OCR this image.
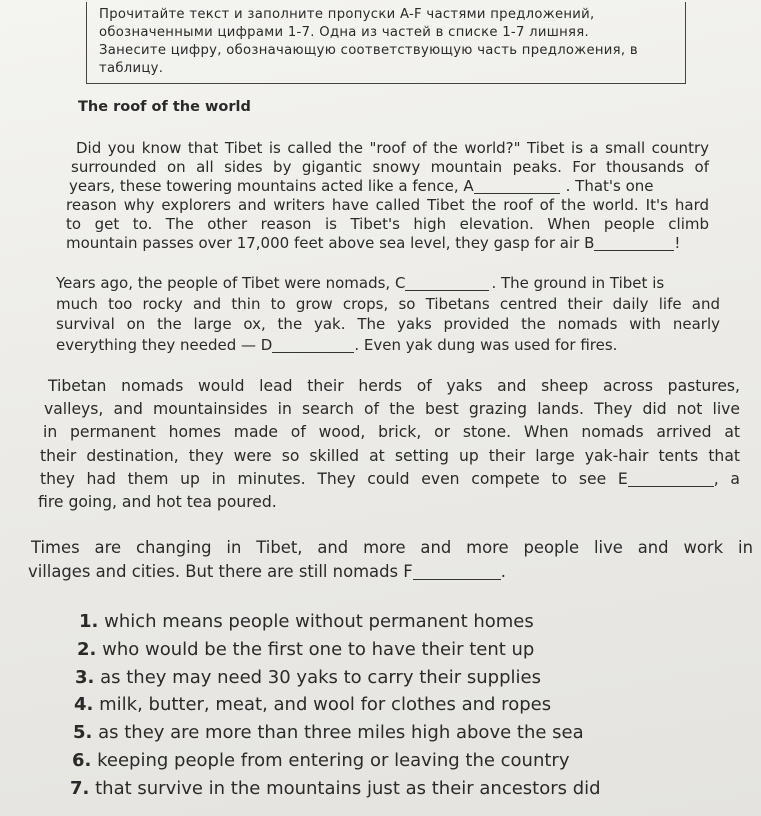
Прочитайте текст и заполните пропуски A-F частями предложений,
обозначенными цифрами 1-7. Одна из частей в списке 1-7 лишняя.
Занесите цифру, обозначающую соответствующую часть предложения, в
таблицу.
The roof of the world
Did you know that Tibet is called the "roof of the world?" Tibet is a small country
surrounded on all sides by gigantic snowy mountain peaks. For thousands of
years, these towering mountains acted like a fence, A	. That's one
reason why explorers and writers have called Tibet the roof of the world. It's hard
to get to. The other reason is Tibet's high elevation. When people climb
mountain passes over 17,000 feet above sea level, they gasp for air B	!
Years ago, the people of Tibet were nomads, C	. The ground in Tibet is
much too rocky and thin to grow crops, so Tibetans centred their daily life and
survival on the large ox, the yak. The yaks provided the nomads with nearly
everything they needed — D	. Even yak dung was used for fires.
Tibetan nomads would lead their herds of yaks and sheep across pastures,
valleys, and mountainsides in search of the best grazing lands. They did not live
in permanent homes made of wood, brick, or stone. When nomads arrived at
their destination, they were so skilled at setting up their large yak-hair tents that
they had them up in minutes. They could even compete to see E	, a
fire going, and hot tea poured.
Times are changing in Tibet, and more and more people live and work in
villages and cities. But there are still nomads F	.
1. which means people without permanent homes
2. who would be the first one to have their tent up
3. as they may need 30 yaks to carry their supplies
4. milk, butter, meat, and wool for clothes and ropes
5. as they are more than three miles high above the sea
6. keeping people from entering or leaving the country
7. that survive in the mountains just as their ancestors did
